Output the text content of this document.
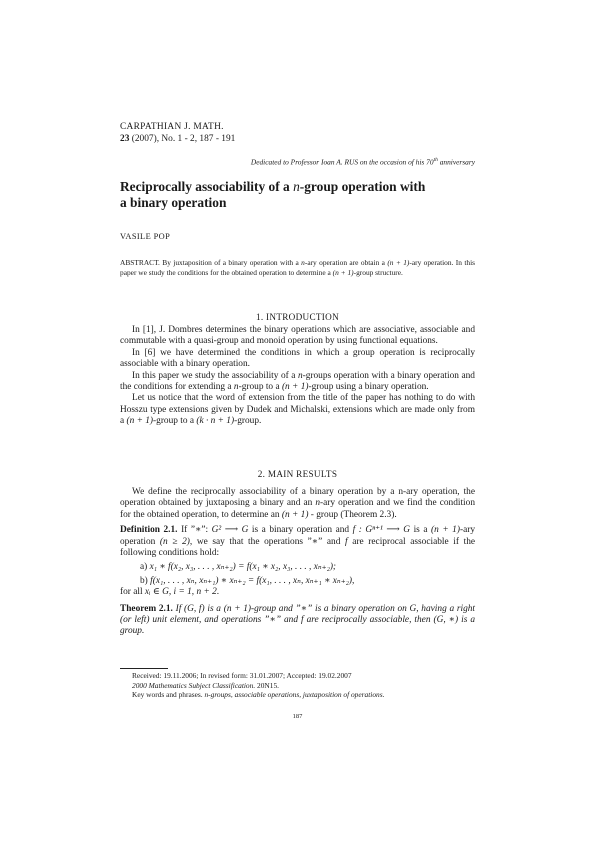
CARPATHIAN J. MATH.
23 (2007), No. 1 - 2, 187 - 191
Dedicated to Professor Ioan A. RUS on the occasion of his 70th anniversary
Reciprocally associability of a n-group operation with
a binary operation
VASILE POP

ABSTRACT. By juxtaposition of a binary operation with a n-ary operation are obtain a (n + 1)-ary operation. In this paper we study the conditions for the obtained operation to determine a (n + 1)-group structure.

1. INTRODUCTION

In [1], J. Dombres determines the binary operations which are associative, associable and commutable with a quasi-group and monoid operation by using functional equations.

In [6] we have determined the conditions in which a group operation is reciprocally associable with a binary operation.

In this paper we study the associability of a n-groups operation with a binary operation and the conditions for extending a n-group to a (n + 1)-group using a binary operation.

Let us notice that the word of extension from the title of the paper has nothing to do with Hosszu type extensions given by Dudek and Michalski, extensions which are made only from a (n + 1)-group to a (k · n + 1)-group.

2. MAIN RESULTS

We define the reciprocally associability of a binary operation by a n-ary operation, the operation obtained by juxtaposing a binary and an n-ary operation and we find the condition for the obtained operation, to determine an (n + 1) - group (Theorem 2.3).

Definition 2.1. If ”∗”: G² ⟶ G is a binary operation and f : Gⁿ⁺¹ ⟶ G is a (n + 1)-ary operation (n ≥ 2), we say that the operations ”∗” and f are reciprocal associable if the following conditions hold:

a) x₁ ∗ f(x₂, x₃, . . . , xₙ₊₂) = f(x₁ ∗ x₂, x₃, . . . , xₙ₊₂);

b) f(x₁, . . . , xₙ, xₙ₊₁) ∗ xₙ₊₂ = f(x₁, . . . , xₙ, xₙ₊₁ ∗ xₙ₊₂),

for all xᵢ ∈ G, i = 1, n + 2.

Theorem 2.1. If (G, f) is a (n + 1)-group and ”∗” is a binary operation on G, having a right (or left) unit element, and operations ”∗” and f are reciprocally associable, then (G, ∗) is a group.

Received: 19.11.2006; In revised form: 31.01.2007; Accepted: 19.02.2007
2000 Mathematics Subject Classification. 20N15.
Key words and phrases. n-groups, associable operations, juxtaposition of operations.
187
